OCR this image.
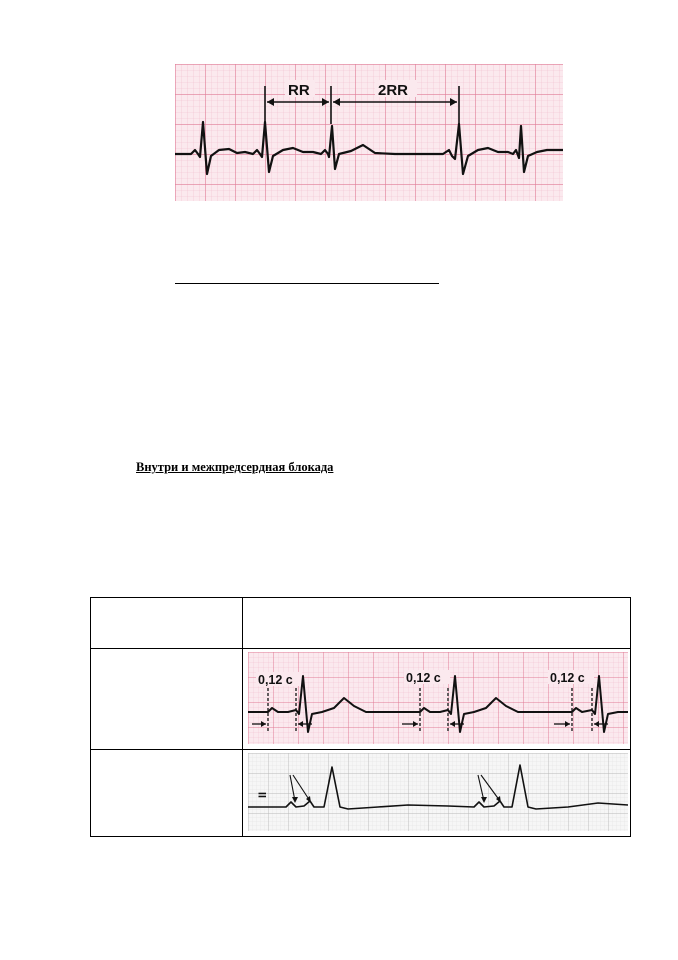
RR	2RR
Внутри и межпредсердная блокада

0,12 c 0,12 c 0,12 c

II
